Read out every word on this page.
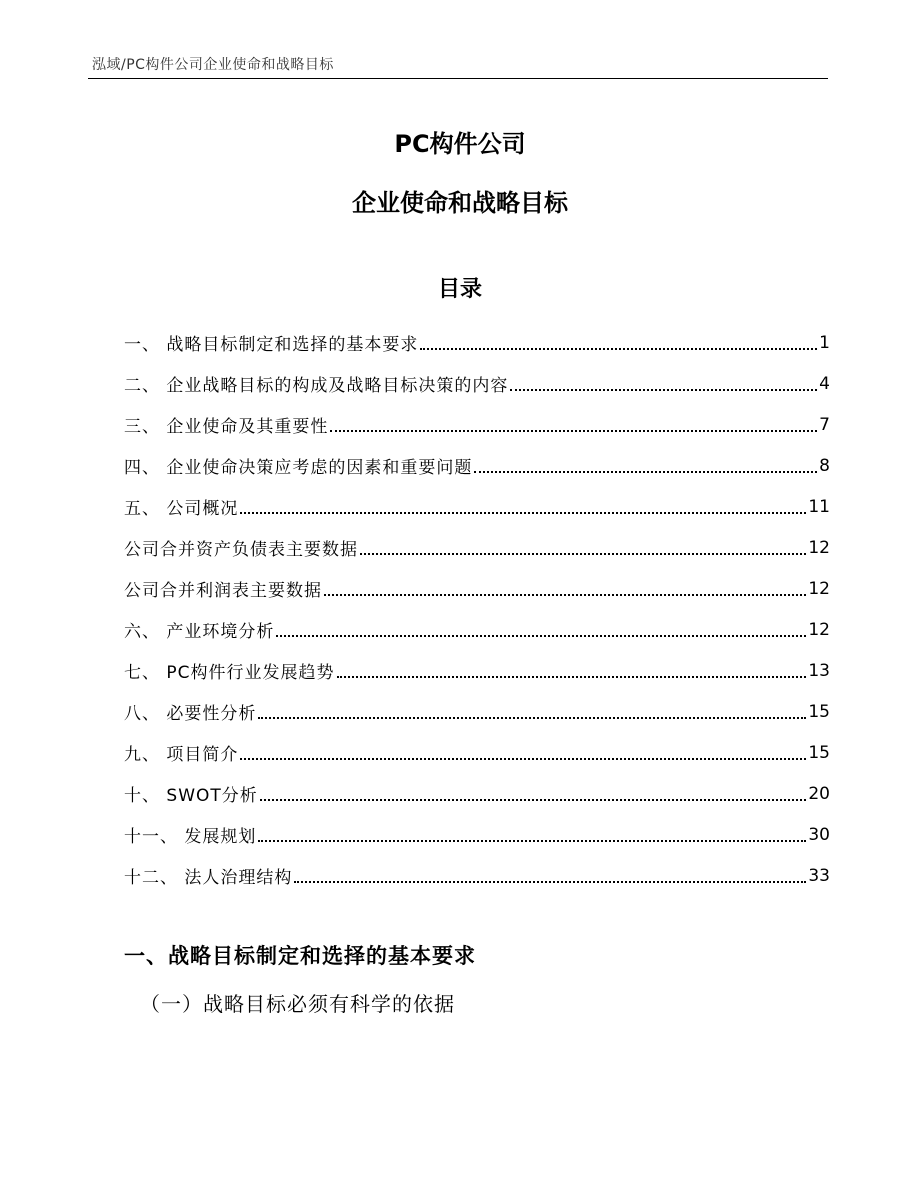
泓域/PC构件公司企业使命和战略目标
PC构件公司
企业使命和战略目标
目录
一、 战略目标制定和选择的基本要求	1
二、 企业战略目标的构成及战略目标决策的内容	4
三、 企业使命及其重要性	7
四、 企业使命决策应考虑的因素和重要问题	8
五、 公司概况	11
公司合并资产负债表主要数据	12
公司合并利润表主要数据	12
六、 产业环境分析	12
七、 PC构件行业发展趋势	13
八、 必要性分析	15
九、 项目简介	15
十、 SWOT分析	20
十一、 发展规划	30
十二、 法人治理结构	33
一、战略目标制定和选择的基本要求
（一）战略目标必须有科学的依据
